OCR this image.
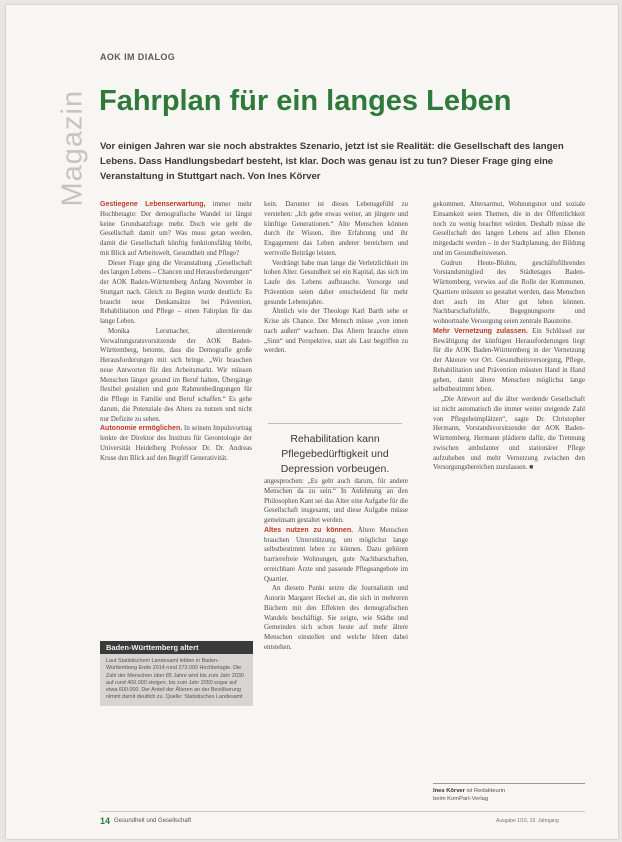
Magazin
AOK IM DIALOG
Fahrplan für ein langes Leben
Vor einigen Jahren war sie noch abstraktes Szenario, jetzt ist sie Realität: die Gesellschaft des langen Lebens. Dass Handlungsbedarf besteht, ist klar. Doch was genau ist zu tun? Dieser Frage ging eine Veranstaltung in Stuttgart nach. Von Ines Körver

Gestiegene Lebenserwartung, immer mehr Hochbetagte: Der demografische Wandel ist längst keine Grundsatzfrage mehr. Doch wie geht die Gesellschaft damit um? Was muss getan werden, damit die Gesellschaft künftig funktionsfähig bleibt, mit Blick auf Arbeitswelt, Gesundheit und Pflege?

Dieser Frage ging die Veranstaltung „Gesellschaft des langen Lebens – Chancen und Herausforderungen“ der AOK Baden-Württemberg Anfang November in Stuttgart nach. Gleich zu Beginn wurde deutlich: Es braucht neue Denkansätze bei Prävention, Rehabilitation und Pflege – einen Fahrplan für das lange Leben.

Monika Lersmacher, alternierende Verwaltungsratsvorsitzende der AOK Baden-Württemberg, betonte, dass die Demografie große Herausforderungen mit sich bringe. „Wir brauchen neue Antworten für den Arbeitsmarkt. Wir müssen Menschen länger gesund im Beruf halten, Übergänge flexibel gestalten und gute Rahmenbedingungen für die Pflege in Familie und Beruf schaffen.“ Es gehe darum, die Potenziale des Alters zu nutzen und nicht nur Defizite zu sehen.

Autonomie ermöglichen. In seinem Impulsvortrag lenkte der Direktor des Instituts für Gerontologie der Universität Heidelberg Professor Dr. Dr. Andreas Kruse den Blick auf den Begriff Generativität.

Baden-Württemberg altert
Laut Statistischem Landesamt lebten in Baden-Württemberg Ende 2014 rund 273.000 Hochbetagte. Die Zahl der Menschen über 85 Jahre wird bis zum Jahr 2030 auf rund 400.000 steigen, bis zum Jahr 2050 sogar auf etwa 600.000. Der Anteil der Älteren an der Bevölkerung nimmt damit deutlich zu. Quelle: Statistisches Landesamt

kein. Darunter ist dieses Lebensgefühl zu verstehen: „Ich gebe etwas weiter, an jüngere und künftige Generationen.“ Alte Menschen können durch ihr Wissen, ihre Erfahrung und ihr Engagement das Leben anderer bereichern und wertvolle Beiträge leisten.

Verdrängt habe man lange die Verletzlichkeit im hohen Alter. Gesundheit sei ein Kapital, das sich im Laufe des Lebens aufbrauche. Vorsorge und Prävention seien daher entscheidend für mehr gesunde Lebensjahre.

Ähnlich wie der Theologe Karl Barth sehe er Krise als Chance. Der Mensch müsse „von innen nach außen“ wachsen. Das Altern brauche einen „Sinn“ und Perspektive, statt als Last begriffen zu werden.

Rehabilitation kann Pflegebedürftigkeit und Depression vorbeugen.

angesprochen: „Es geht auch darum, für andere Menschen da zu sein.“ In Anlehnung an den Philosophen Kant sei das Alter eine Aufgabe für die Gesellschaft insgesamt, und diese Aufgabe müsse gemeinsam gestaltet werden.

Altes nutzen zu können. Ältere Menschen brauchen Unterstützung, um möglichst lange selbstbestimmt leben zu können. Dazu gehören barrierefreie Wohnungen, gute Nachbarschaften, erreichbare Ärzte und passende Pflegeangebote im Quartier.

An diesem Punkt setzte die Journalistin und Autorin Margaret Heckel an, die sich in mehreren Büchern mit den Effekten des demografischen Wandels beschäftigt. Sie zeigte, wie Städte und Gemeinden sich schon heute auf mehr ältere Menschen einstellen und welche Ideen dabei entstehen.

gekommen. Altersarmut, Wohnungsnot und soziale Einsamkeit seien Themen, die in der Öffentlichkeit noch zu wenig beachtet würden. Deshalb müsse die Gesellschaft des langen Lebens auf allen Ebenen mitgedacht werden – in der Stadtplanung, der Bildung und im Gesundheitswesen.

Gudrun Heute-Bluhm, geschäftsführendes Vorstandsmitglied des Städtetages Baden-Württemberg, verwies auf die Rolle der Kommunen. Quartiere müssten so gestaltet werden, dass Menschen dort auch im Alter gut leben können. Nachbarschaftshilfe, Begegnungsorte und wohnortnahe Versorgung seien zentrale Bausteine.

Mehr Vernetzung zulassen. Ein Schlüssel zur Bewältigung der künftigen Herausforderungen liegt für die AOK Baden-Württemberg in der Vernetzung der Akteure vor Ort. Gesundheitsversorgung, Pflege, Rehabilitation und Prävention müssten Hand in Hand gehen, damit ältere Menschen möglichst lange selbstbestimmt leben.

„Die Antwort auf die älter werdende Gesellschaft ist nicht automatisch die immer weiter steigende Zahl von Pflegeheimplätzen“, sagte Dr. Christopher Hermann, Vorstandsvorsitzender der AOK Baden-Württemberg. Hermann plädierte dafür, die Trennung zwischen ambulanter und stationärer Pflege aufzuheben und mehr Vernetzung zwischen den Versorgungsbereichen zuzulassen. ■

Ines Körver ist Redakteurin
beim KomPart-Verlag
14 Gesundheit und Gesellschaft	Ausgabe 1/16, 19. Jahrgang
